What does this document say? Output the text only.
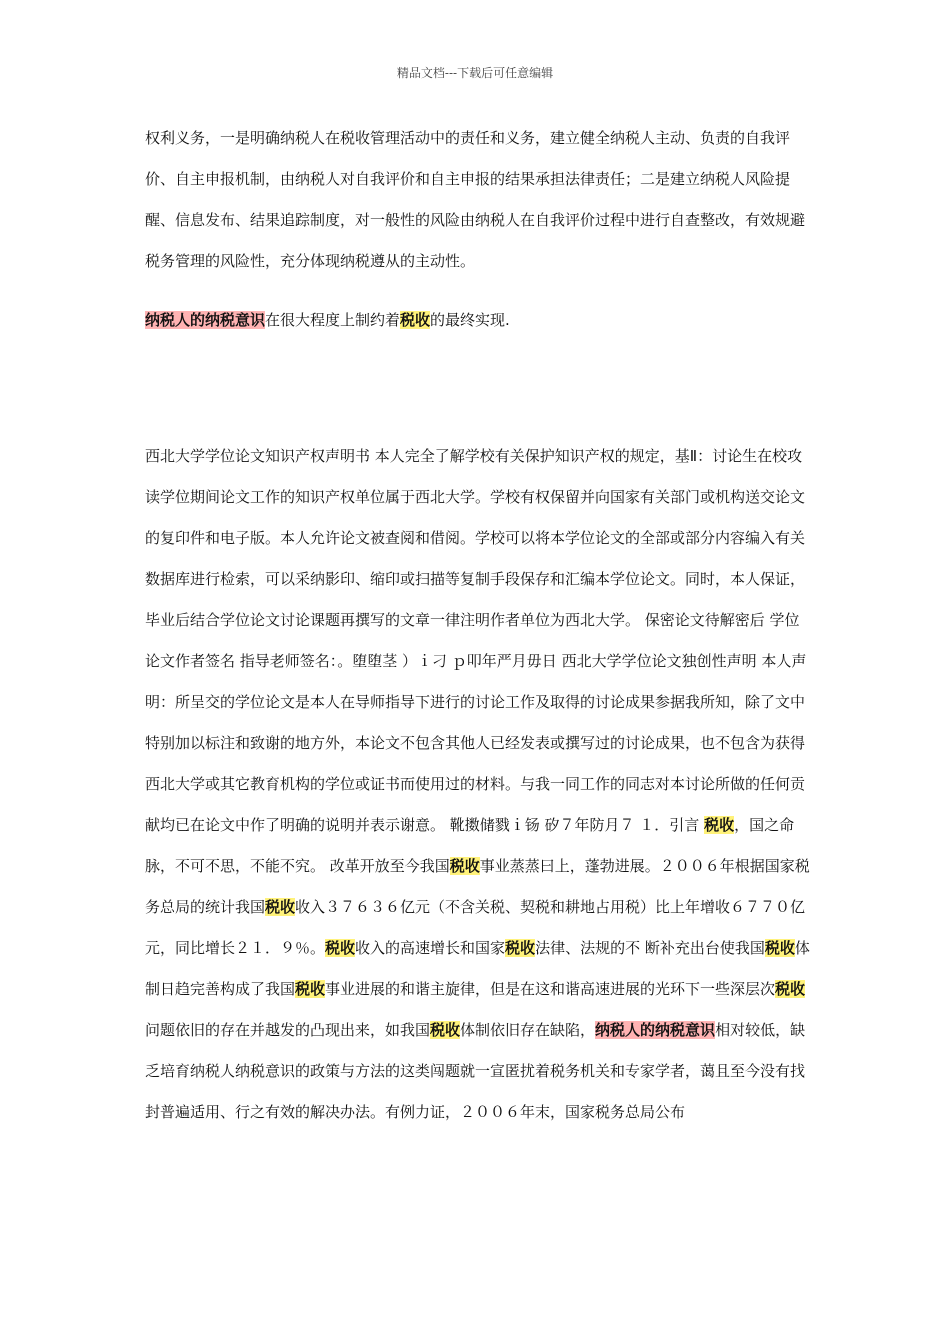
精品文档---下载后可任意编辑

权利义务，一是明确纳税人在税收管理活动中的责任和义务，建立健全纳税人主动、负责的自我评价、自主申报机制，由纳税人对自我评价和自主申报的结果承担法律责任；二是建立纳税人风险提醒、信息发布、结果追踪制度，对一般性的风险由纳税人在自我评价过程中进行自查整改，有效规避税务管理的风险性，充分体现纳税遵从的主动性。

纳税人的纳税意识在很大程度上制约着税收的最终实现.

西北大学学位论文知识产权声明书 本人完全了解学校有关保护知识产权的规定，基Ⅱ：讨论生在校攻读学位期间论文工作的知识产权单位属于西北大学。学校有权保留并向国家有关部门或机构送交论文的复印件和电子版。本人允许论文被查阅和借阅。学校可以将本学位论文的全部或部分内容编入有关数据库进行检索，可以采纳影印、缩印或扫描等复制手段保存和汇编本学位论文。同时，本人保证，毕业后结合学位论文讨论课题再撰写的文章一律注明作者单位为西北大学。 保密论文待解密后 学位论文作者签名 指导老师签名：。堕堕茎 ）ｉ刁 ｐ叩年严月毋日 西北大学学位论文独创性声明 本人声明：所呈交的学位论文是本人在导师指导下进行的讨论工作及取得的讨论成果参据我所知，除了文中特别加以标注和致谢的地方外，本论文不包含其他人已经发表或撰写过的讨论成果，也不包含为获得西北大学或其它教育机构的学位或证书而使用过的材料。与我一同工作的同志对本讨论所做的任何贡献均已在论文中作了明确的说明并表示谢意。 靴擞储戮ｉ钖 矽７年防月７ １．引言 税收，国之命脉，不可不思，不能不究。 改革开放至今我国税收事业蒸蒸曰上，蓬勃进展。２００６年根据国家税务总局的统计我国税收收入３７６３６亿元（不含关税、契税和耕地占用税）比上年增收６７７０亿元，同比增长２１．９％。税收收入的高速增长和国家税收法律、法规的不 断补充出台使我国税收体制日趋完善构成了我国税收事业进展的和谐主旋律，但是在这和谐高速进展的光环下一些深层次税收问题依旧的存在并越发的凸现出来，如我国税收体制依旧存在缺陷，纳税人的纳税意识相对较低，缺乏培育纳税人纳税意识的政策与方法的这类闯题就一宣匿扰着税务机关和专家学者，蔼且至今没有找封普遍适用、行之有效的解决办法。有例力证，２００６年末，国家税务总局公布
